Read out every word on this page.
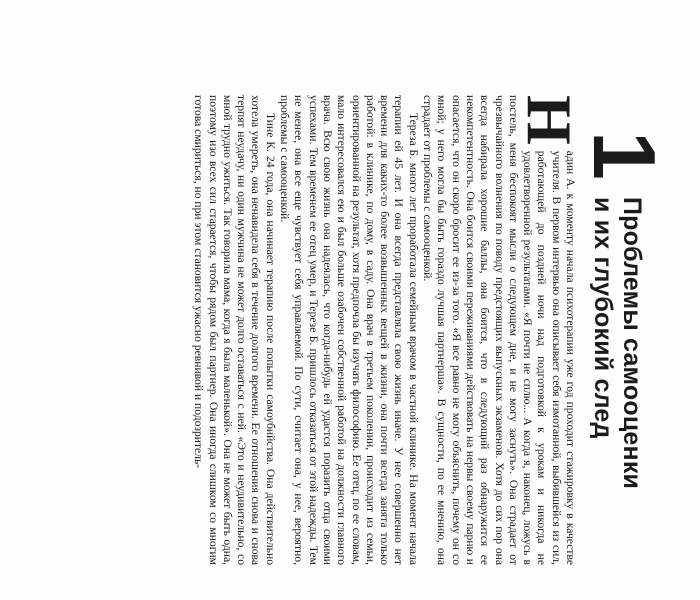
1
Проблемы самооценки
и их глубокий след

Н
адин А. к моменту начала психотерапии уже год проходит стажировку в качестве учителя. В первом интервью она описывает себя измотанной, выбившейся из сил, работающей до поздней ночи над подготовкой к урокам и никогда не удовлетворенной результатами. «Я почти не сплю... А когда я, наконец, ложусь в постель, меня беспокоят мысли о следующем дне, и не могу заснуть». Она страдает от чрезвычайного волнения по поводу предстоящих выпускных экзаменов. Хотя до сих пор она всегда набирала хорошие баллы, она боится, что в следующий раз обнаружится ее некомпетентность. Она боится своими переживаниями действовать на нервы своему парню и опасается, что он скоро бросит ее из-за того. «Я все равно не могу объяснить, почему он со мной; у него могла бы быть гораздо лучшая партнерша». В сущности, по ее мнению, она страдает от проблемы с самооценкой.

Тереза Б. много лет проработала семейным врачом в частной клинике. На момент начала терапии ей 45 лет. И она всегда представляла свою жизнь иначе. У нее совершенно нет времени для каких-то более возвышенных вещей в жизни, она почти всегда занята только работой: в клинике, по дому, в саду. Она врач в третьем поколении, происходит из семьи, ориентированной на результат, хотя предпочла бы изучать философию. Ее отец, по ее словам, мало интересовался ею и был больше озабочен собственной работой на должности главного врача. Всю свою жизнь она надеялась, что когда-нибудь ей удастся поразить отца своими успехами. Тем временем ее отец умер, и Терезе Б. пришлось отказаться от этой надежды. Тем не менее, она все еще чувствует себя управляемой. По сути, считает она, у нее, вероятно, проблемы с самооценкой.

Тине К. 24 года, она начинает терапию после попытки самоубийства. Она действительно хотела умереть, она ненавидела себя в течение долгого времени. Ее отношения снова и снова терпят неудачу, ни один мужчина не может долго оставаться с ней. «Это и неудивительно, со мной трудно ужиться. Так говорила мама, когда я была маленькой». Она не может быть одна, поэтому изо всех сил старается, чтобы рядом был партнер. Она иногда слишком со многим готова смириться, но при этом становится ужасно ревнивой и подозритель-
